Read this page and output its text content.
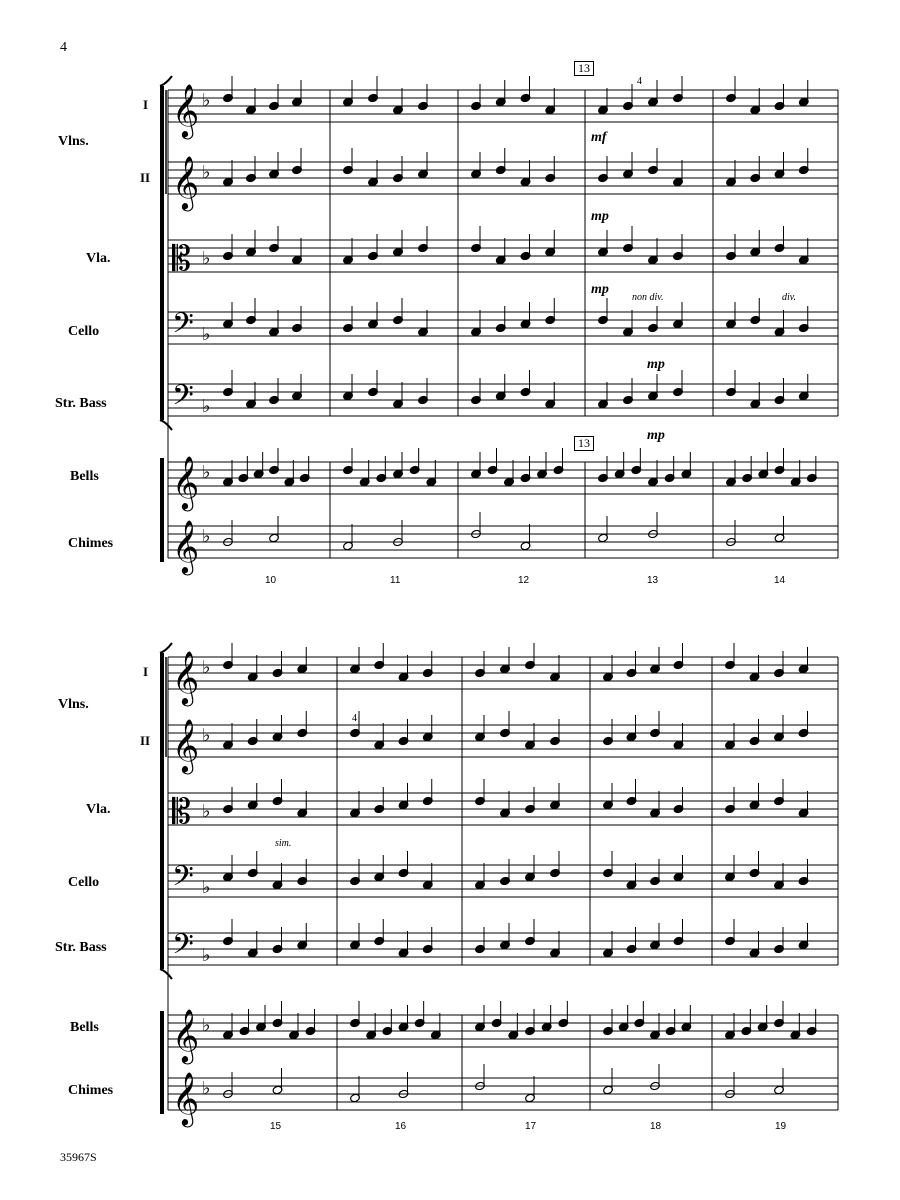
4
35967S
Vlns.
I
II
Vla.
Cello
Str. Bass
Bells
Chimes
Vlns.
I
II
Vla.
Cello
Str. Bass
Bells
Chimes
𝄞 ♭
𝄞 ♭
𝄡 ♭
𝄢 ♭
𝄢 ♭
𝄞 ♭
𝄞 ♭
𝄞 ♭
𝄞 ♭
𝄡 ♭
𝄢 ♭
𝄢 ♭
𝄞 ♭
𝄞 ♭
13
13
4
mf
mp
mp
non div.	div.
mp
mp
10	11	12	13	14
sim.
4
15	16	17	18	19
